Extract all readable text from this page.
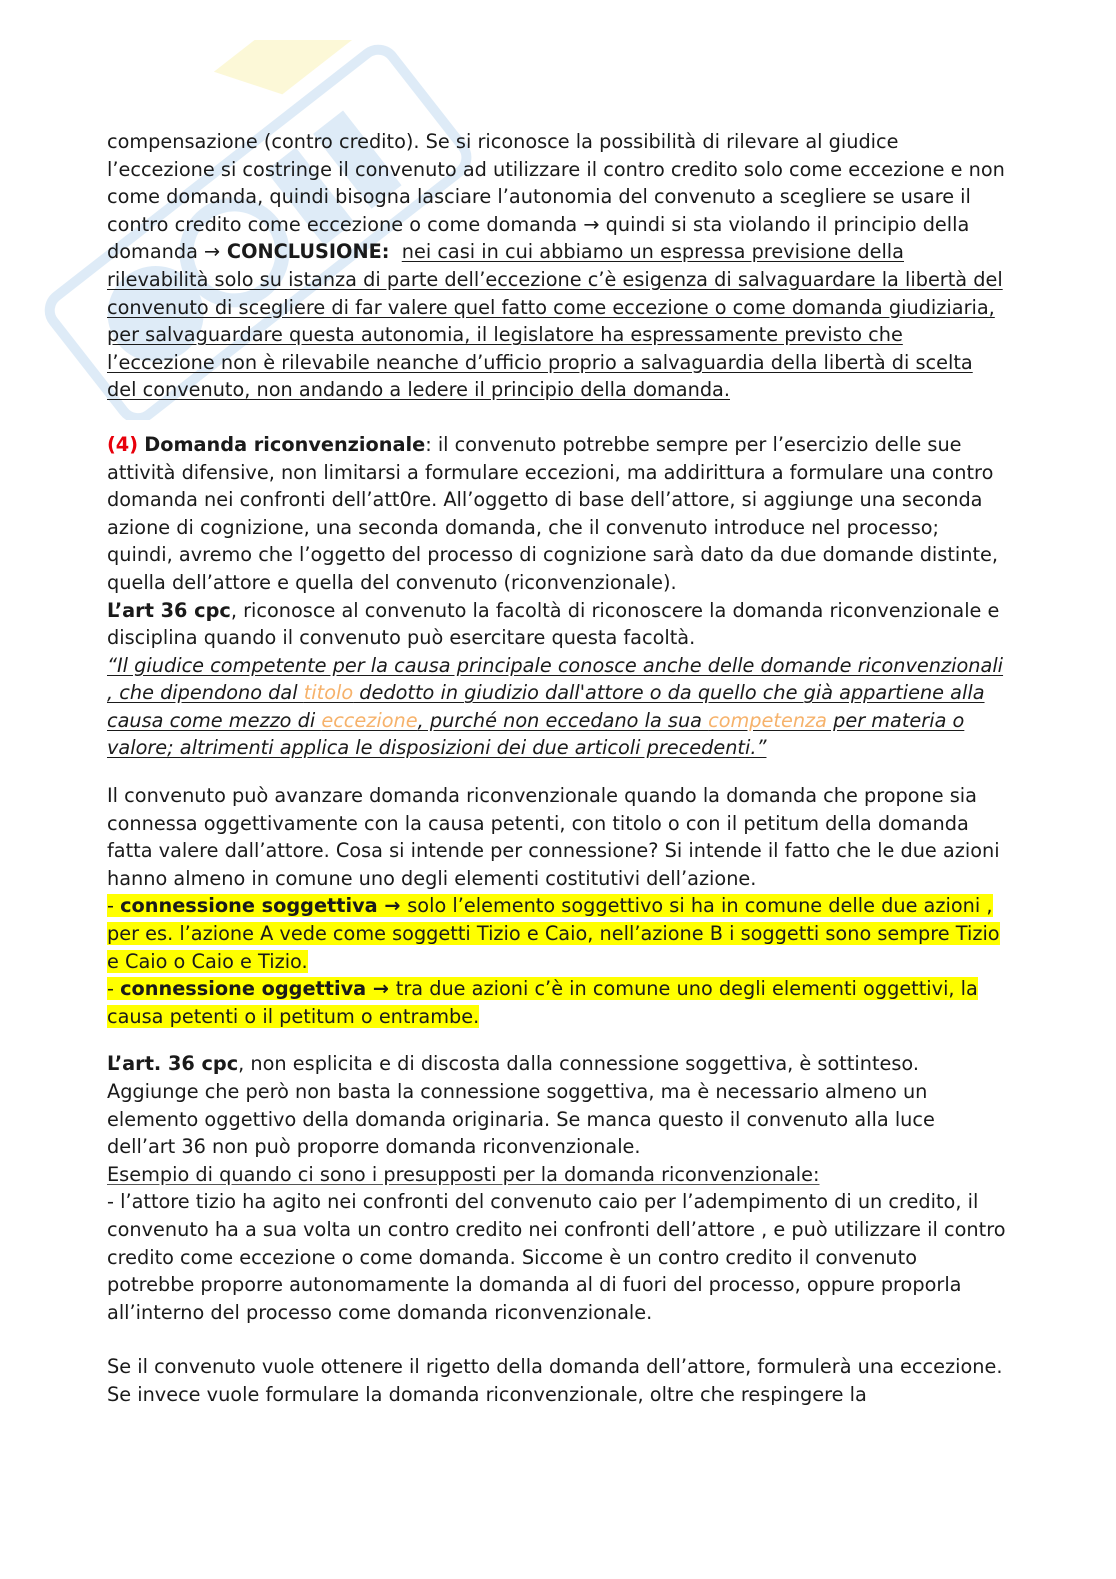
compensazione (contro credito). Se si riconosce la possibilità di rilevare al giudice l’eccezione si costringe il convenuto ad utilizzare il contro credito solo come eccezione e non come domanda, quindi bisogna lasciare l’autonomia del convenuto a scegliere se usare il contro credito come eccezione o come domanda → quindi si sta violando il principio della domanda → CONCLUSIONE: nei casi in cui abbiamo un espressa previsione della rilevabilità solo su istanza di parte dell’eccezione c’è esigenza di salvaguardare la libertà del convenuto di scegliere di far valere quel fatto come eccezione o come domanda giudiziaria, per salvaguardare questa autonomia, il legislatore ha espressamente previsto che l’eccezione non è rilevabile neanche d’ufficio proprio a salvaguardia della libertà di scelta del convenuto, non andando a ledere il principio della domanda.

(4) Domanda riconvenzionale: il convenuto potrebbe sempre per l’esercizio delle sue attività difensive, non limitarsi a formulare eccezioni, ma addirittura a formulare una contro domanda nei confronti dell’att0re. All’oggetto di base dell’attore, si aggiunge una seconda azione di cognizione, una seconda domanda, che il convenuto introduce nel processo; quindi, avremo che l’oggetto del processo di cognizione sarà dato da due domande distinte, quella dell’attore e quella del convenuto (riconvenzionale).

L’art 36 cpc, riconosce al convenuto la facoltà di riconoscere la domanda riconvenzionale e disciplina quando il convenuto può esercitare questa facoltà.

“Il giudice competente per la causa principale conosce anche delle domande riconvenzionali , che dipendono dal titolo dedotto in giudizio dall'attore o da quello che già appartiene alla causa come mezzo di eccezione, purché non eccedano la sua competenza per materia o valore; altrimenti applica le disposizioni dei due articoli precedenti.”

Il convenuto può avanzare domanda riconvenzionale quando la domanda che propone sia connessa oggettivamente con la causa petenti, con titolo o con il petitum della domanda fatta valere dall’attore. Cosa si intende per connessione? Si intende il fatto che le due azioni hanno almeno in comune uno degli elementi costitutivi dell’azione.

- connessione soggettiva → solo l’elemento soggettivo si ha in comune delle due azioni , per es. l’azione A vede come soggetti Tizio e Caio, nell’azione B i soggetti sono sempre Tizio e Caio o Caio e Tizio.

- connessione oggettiva → tra due azioni c’è in comune uno degli elementi oggettivi, la causa petenti o il petitum o entrambe.

L’art. 36 cpc, non esplicita e di discosta dalla connessione soggettiva, è sottinteso. Aggiunge che però non basta la connessione soggettiva, ma è necessario almeno un elemento oggettivo della domanda originaria. Se manca questo il convenuto alla luce dell’art 36 non può proporre domanda riconvenzionale.

Esempio di quando ci sono i presupposti per la domanda riconvenzionale:

- l’attore tizio ha agito nei confronti del convenuto caio per l’adempimento di un credito, il convenuto ha a sua volta un contro credito nei confronti dell’attore , e può utilizzare il contro credito come eccezione o come domanda. Siccome è un contro credito il convenuto potrebbe proporre autonomamente la domanda al di fuori del processo, oppure proporla all’interno del processo come domanda riconvenzionale.

Se il convenuto vuole ottenere il rigetto della domanda dell’attore, formulerà una eccezione. Se invece vuole formulare la domanda riconvenzionale, oltre che respingere la
